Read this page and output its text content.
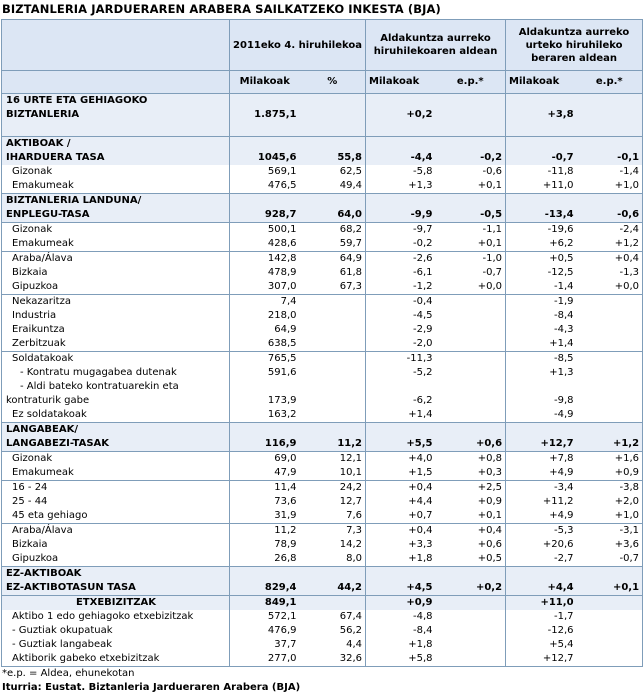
BIZTANLERIA JARDUERAREN ARABERA SAILKATZEKO INKESTA (BJA)
	2011eko 4. hiruhilekoa		Aldakuntza aurreko hiruhilekoaren aldean		Aldakuntza aurreko urteko hiruhileko beraren aldean	
	Milakoak	%	Milakoak	e.p.*	Milakoak	e.p.*
16 URTE ETA GEHIAGOKO						
BIZTANLERIA	1.875,1		+0,2		+3,8	

AKTIBOAK /						
IHARDUERA TASA	1045,6	55,8	-4,4	-0,2	-0,7	-0,1
Gizonak	569,1	62,5	-5,8	-0,6	-11,8	-1,4
Emakumeak	476,5	49,4	+1,3	+0,1	+11,0	+1,0
BIZTANLERIA LANDUNA/						
ENPLEGU-TASA	928,7	64,0	-9,9	-0,5	-13,4	-0,6
Gizonak	500,1	68,2	-9,7	-1,1	-19,6	-2,4
Emakumeak	428,6	59,7	-0,2	+0,1	+6,2	+1,2
Araba/Álava	142,8	64,9	-2,6	-1,0	+0,5	+0,4
Bizkaia	478,9	61,8	-6,1	-0,7	-12,5	-1,3
Gipuzkoa	307,0	67,3	-1,2	+0,0	-1,4	+0,0
Nekazaritza	7,4		-0,4		-1,9	
Industria	218,0		-4,5		-8,4	
Eraikuntza	64,9		-2,9		-4,3	
Zerbitzuak	638,5		-2,0		+1,4	
Soldatakoak	765,5		-11,3		-8,5	
- Kontratu mugagabea dutenak	591,6		-5,2		+1,3	
- Aldi bateko kontratuarekin eta						
kontraturik gabe	173,9		-6,2		-9,8	
Ez soldatakoak	163,2		+1,4		-4,9	
LANGABEAK/						
LANGABEZI-TASAK	116,9	11,2	+5,5	+0,6	+12,7	+1,2
Gizonak	69,0	12,1	+4,0	+0,8	+7,8	+1,6
Emakumeak	47,9	10,1	+1,5	+0,3	+4,9	+0,9
16 - 24	11,4	24,2	+0,4	+2,5	-3,4	-3,8
25 - 44	73,6	12,7	+4,4	+0,9	+11,2	+2,0
45 eta gehiago	31,9	7,6	+0,7	+0,1	+4,9	+1,0
Araba/Álava	11,2	7,3	+0,4	+0,4	-5,3	-3,1
Bizkaia	78,9	14,2	+3,3	+0,6	+20,6	+3,6
Gipuzkoa	26,8	8,0	+1,8	+0,5	-2,7	-0,7
EZ-AKTIBOAK						
EZ-AKTIBOTASUN TASA	829,4	44,2	+4,5	+0,2	+4,4	+0,1
ETXEBIZITZAK	849,1		+0,9		+11,0	
Aktibo 1 edo gehiagoko etxebizitzak	572,1	67,4	-4,8		-1,7	
- Guztiak okupatuak	476,9	56,2	-8,4		-12,6	
- Guztiak langabeak	37,7	4,4	+1,8		+5,4	
Aktiborik gabeko etxebizitzak	277,0	32,6	+5,8		+12,7	
*e.p. = Aldea, ehunekotan
Iturria: Eustat. Biztanleria Jardueraren Arabera (BJA)
